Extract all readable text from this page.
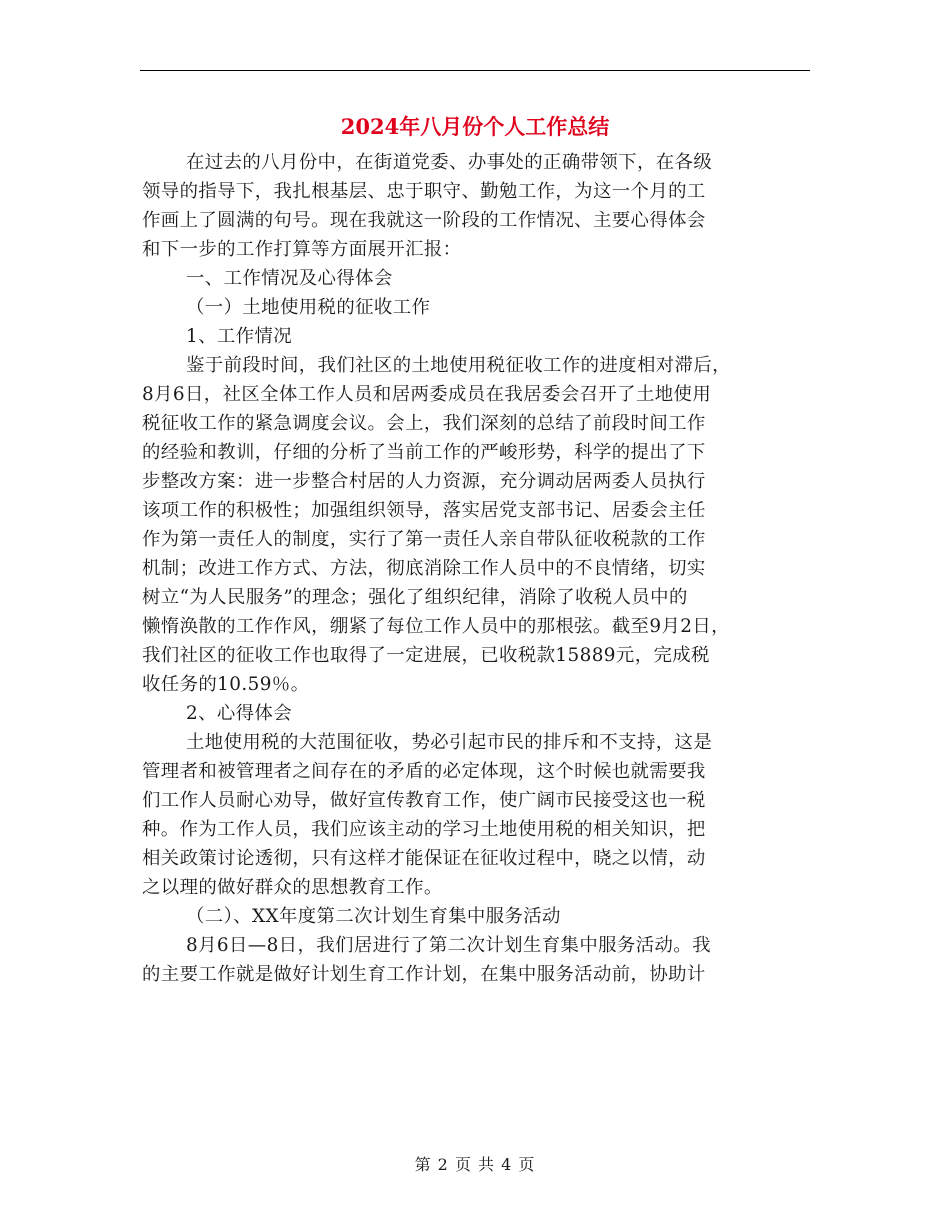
2024年八月份个人工作总结
在过去的八月份中，在街道党委、办事处的正确带领下，在各级
领导的指导下，我扎根基层、忠于职守、勤勉工作，为这一个月的工
作画上了圆满的句号。现在我就这一阶段的工作情况、主要心得体会
和下一步的工作打算等方面展开汇报：
一、工作情况及心得体会
（一）土地使用税的征收工作
1、工作情况
鉴于前段时间，我们社区的土地使用税征收工作的进度相对滞后，
8月6日，社区全体工作人员和居两委成员在我居委会召开了土地使用
税征收工作的紧急调度会议。会上，我们深刻的总结了前段时间工作
的经验和教训，仔细的分析了当前工作的严峻形势，科学的提出了下
步整改方案：进一步整合村居的人力资源，充分调动居两委人员执行
该项工作的积极性；加强组织领导，落实居党支部书记、居委会主任
作为第一责任人的制度，实行了第一责任人亲自带队征收税款的工作
机制；改进工作方式、方法，彻底消除工作人员中的不良情绪，切实
树立“为人民服务”的理念；强化了组织纪律，消除了收税人员中的
懒惰涣散的工作作风，绷紧了每位工作人员中的那根弦。截至9月2日，
我们社区的征收工作也取得了一定进展，已收税款15889元，完成税
收任务的10.59％。
2、心得体会
土地使用税的大范围征收，势必引起市民的排斥和不支持，这是
管理者和被管理者之间存在的矛盾的必定体现，这个时候也就需要我
们工作人员耐心劝导，做好宣传教育工作，使广阔市民接受这也一税
种。作为工作人员，我们应该主动的学习土地使用税的相关知识，把
相关政策讨论透彻，只有这样才能保证在征收过程中，晓之以情，动
之以理的做好群众的思想教育工作。
（二）、XX年度第二次计划生育集中服务活动
8月6日—8日，我们居进行了第二次计划生育集中服务活动。我
的主要工作就是做好计划生育工作计划，在集中服务活动前，协助计
第 2 页 共 4 页
